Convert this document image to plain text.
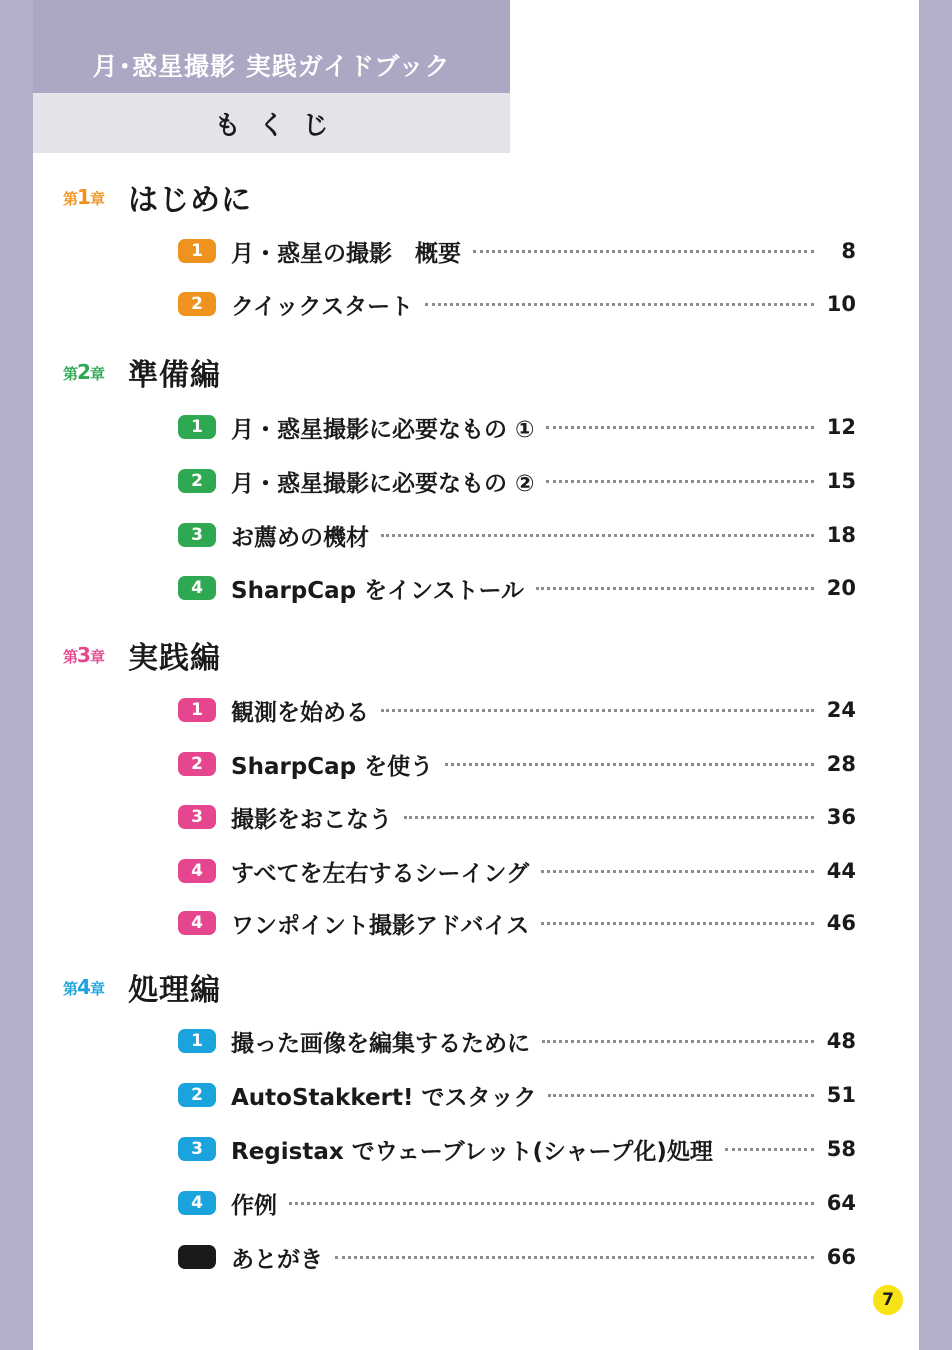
月･惑星撮影 実践ガイドブック
もくじ
第1章 はじめに
1	月・惑星の撮影　概要	8
2	クイックスタート	10
第2章 準備編
1	月・惑星撮影に必要なもの ①	12
2	月・惑星撮影に必要なもの ②	15
3	お薦めの機材	18
4	SharpCap をインストール	20
第3章 実践編
1	観測を始める	24
2	SharpCap を使う	28
3	撮影をおこなう	36
4	すべてを左右するシーイング	44
4	ワンポイント撮影アドバイス	46
第4章 処理編
1	撮った画像を編集するために	48
2	AutoStakkert! でスタック	51
3	Registax でウェーブレット(シャープ化)処理	58
4	作例	64
あとがき	66
7
